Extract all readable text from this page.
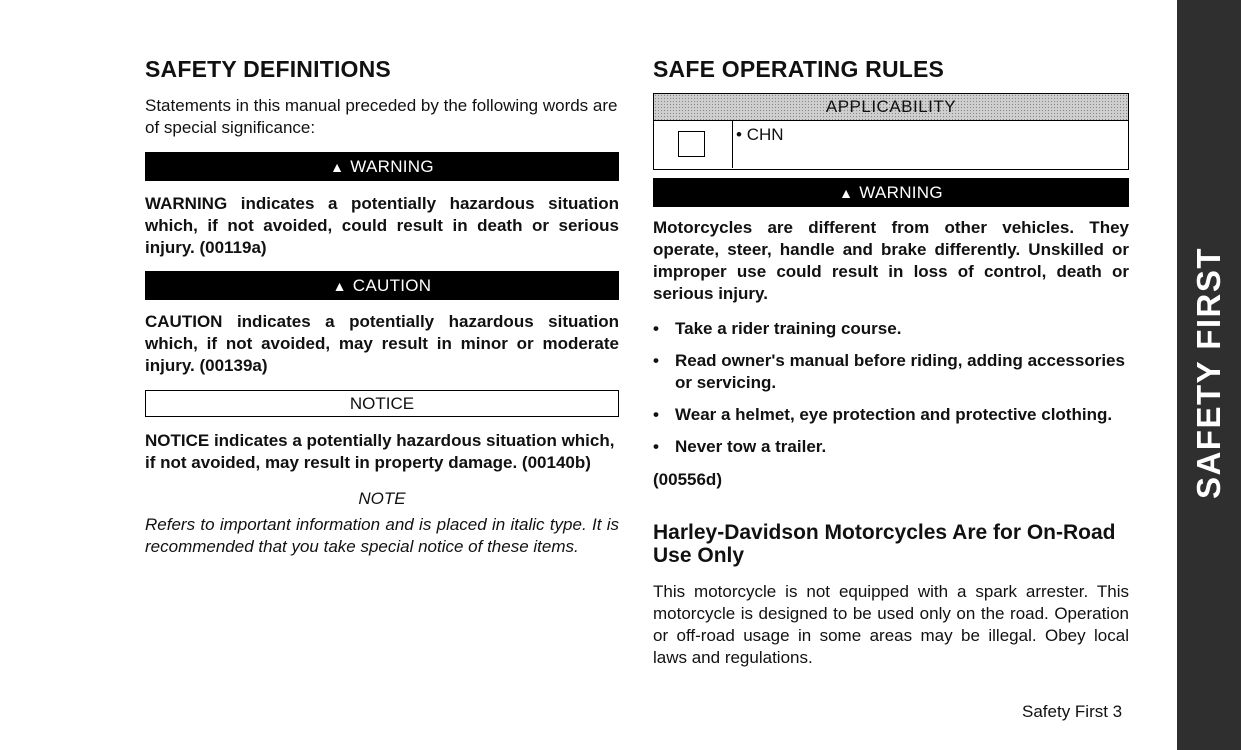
SAFETY DEFINITIONS

Statements in this manual preceded by the following words are of special significance:

▲ WARNING

WARNING indicates a potentially hazardous situation which, if not avoided, could result in death or serious injury. (00119a)

▲ CAUTION

CAUTION indicates a potentially hazardous situation which, if not avoided, may result in minor or moderate injury. (00139a)

NOTICE

NOTICE indicates a potentially hazardous situation which, if not avoided, may result in property damage. (00140b)

NOTE

Refers to important information and is placed in italic type. It is recommended that you take special notice of these items.

SAFE OPERATING RULES
APPLICABILITY
• CHN
▲ WARNING

Motorcycles are different from other vehicles. They operate, steer, handle and brake differently. Unskilled or improper use could result in loss of control, death or serious injury.

• Take a rider training course.
• Read owner's manual before riding, adding accessories or servicing.
• Wear a helmet, eye protection and protective clothing.
• Never tow a trailer.

(00556d)

Harley-Davidson Motorcycles Are for On-Road Use Only

This motorcycle is not equipped with a spark arrester. This motorcycle is designed to be used only on the road. Operation or off-road usage in some areas may be illegal. Obey local laws and regulations.

Safety First 3
SAFETY FIRST
